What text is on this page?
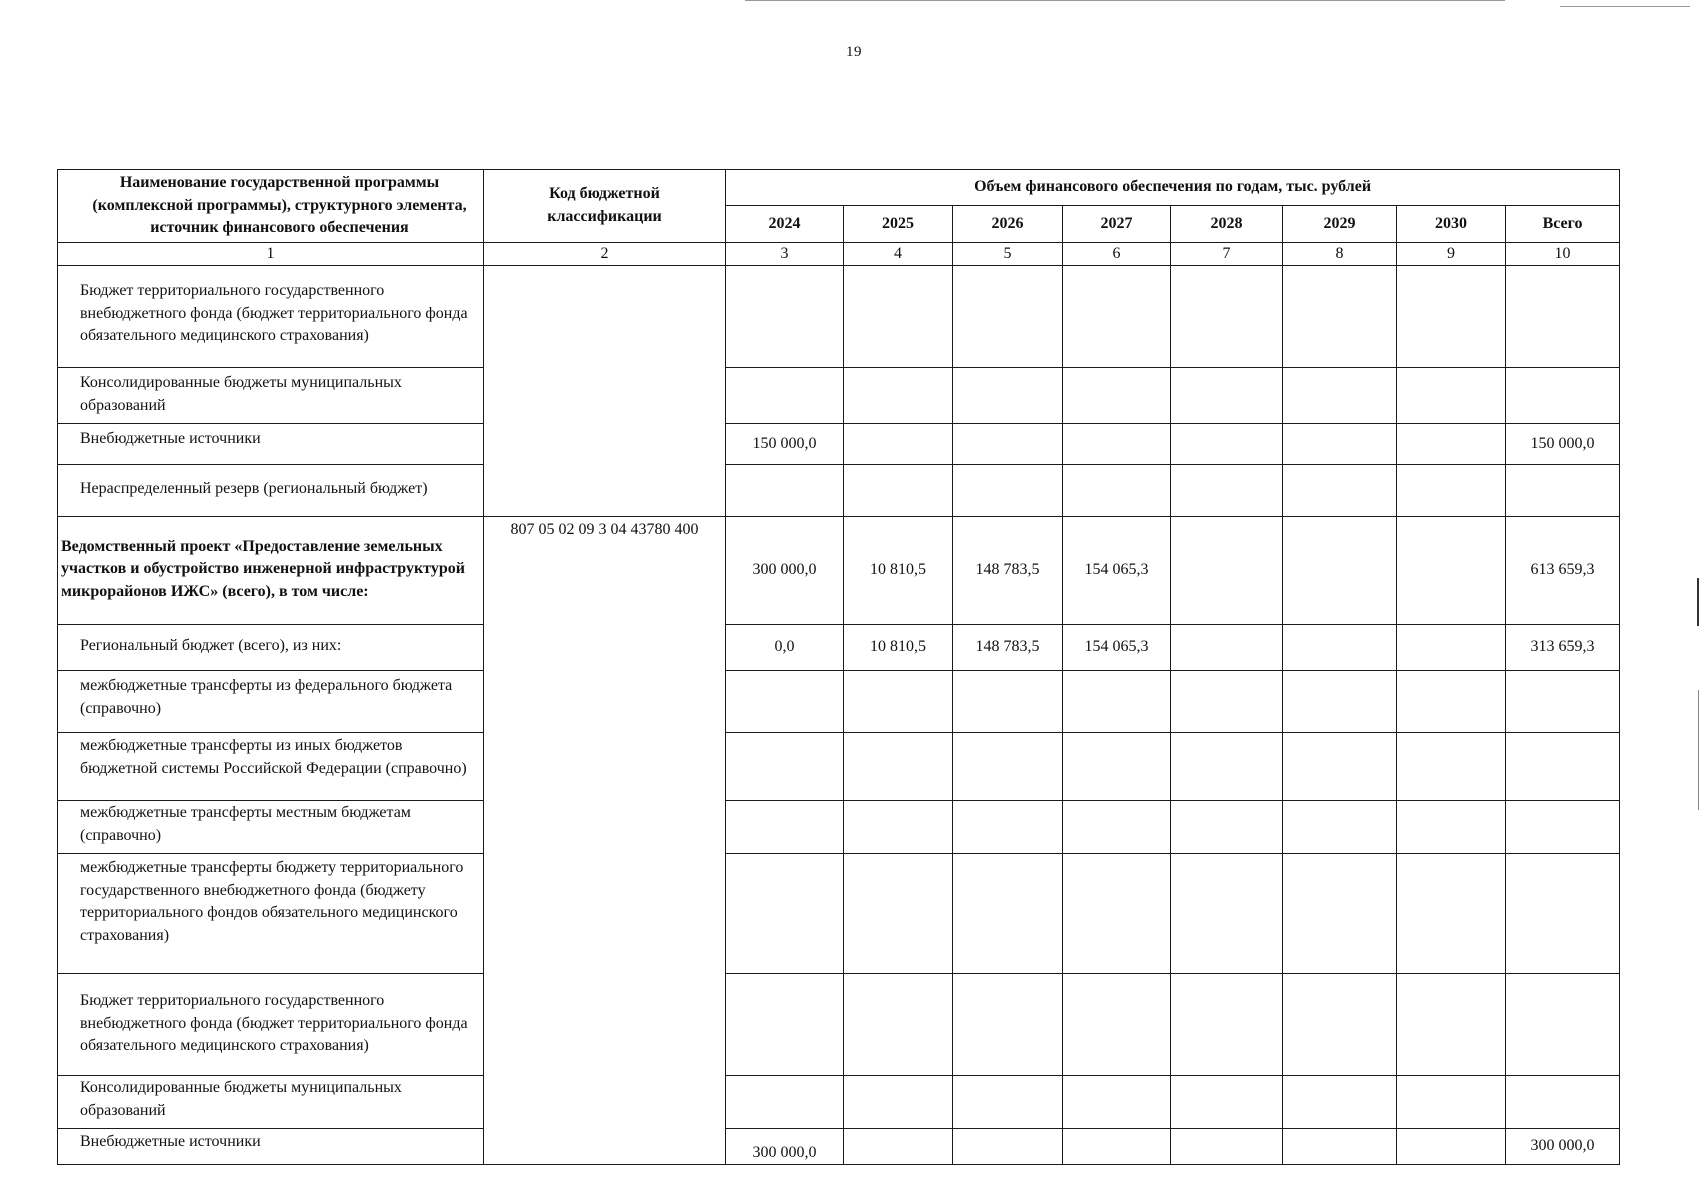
19
Наименование государственной программы (комплексной программы), структурного элемента, источник финансового обеспечения	Код бюджетной классификации	Объем финансового обеспечения по годам, тыс. рублей							
		2024	2025	2026	2027	2028	2029	2030	Всего
1	2	3	4	5	6	7	8	9	10
Бюджет территориального государственного внебюджетного фонда (бюджет территориального фонда обязательного медицинского страхования)									
Консолидированные бюджеты муниципальных образований									
Внебюджетные источники		150 000,0							150 000,0
Нераспределенный резерв (региональный бюджет)									
Ведомственный проект «Предоставление земельных участков и обустройство инженерной инфраструктурой микрорайонов ИЖС» (всего), в том числе:	807 05 02 09 3 04 43780 400	300 000,0	10 810,5	148 783,5	154 065,3				613 659,3
Региональный бюджет (всего), из них:		0,0	10 810,5	148 783,5	154 065,3				313 659,3
межбюджетные трансферты из федерального бюджета (справочно)									
межбюджетные трансферты из иных бюджетов бюджетной системы Российской Федерации (справочно)									
межбюджетные трансферты местным бюджетам (справочно)									
межбюджетные трансферты бюджету территориального государственного внебюджетного фонда (бюджету территориального фондов обязательного медицинского страхования)									
Бюджет территориального государственного внебюджетного фонда (бюджет территориального фонда обязательного медицинского страхования)									
Консолидированные бюджеты муниципальных образований									
Внебюджетные источники		300 000,0							300 000,0
